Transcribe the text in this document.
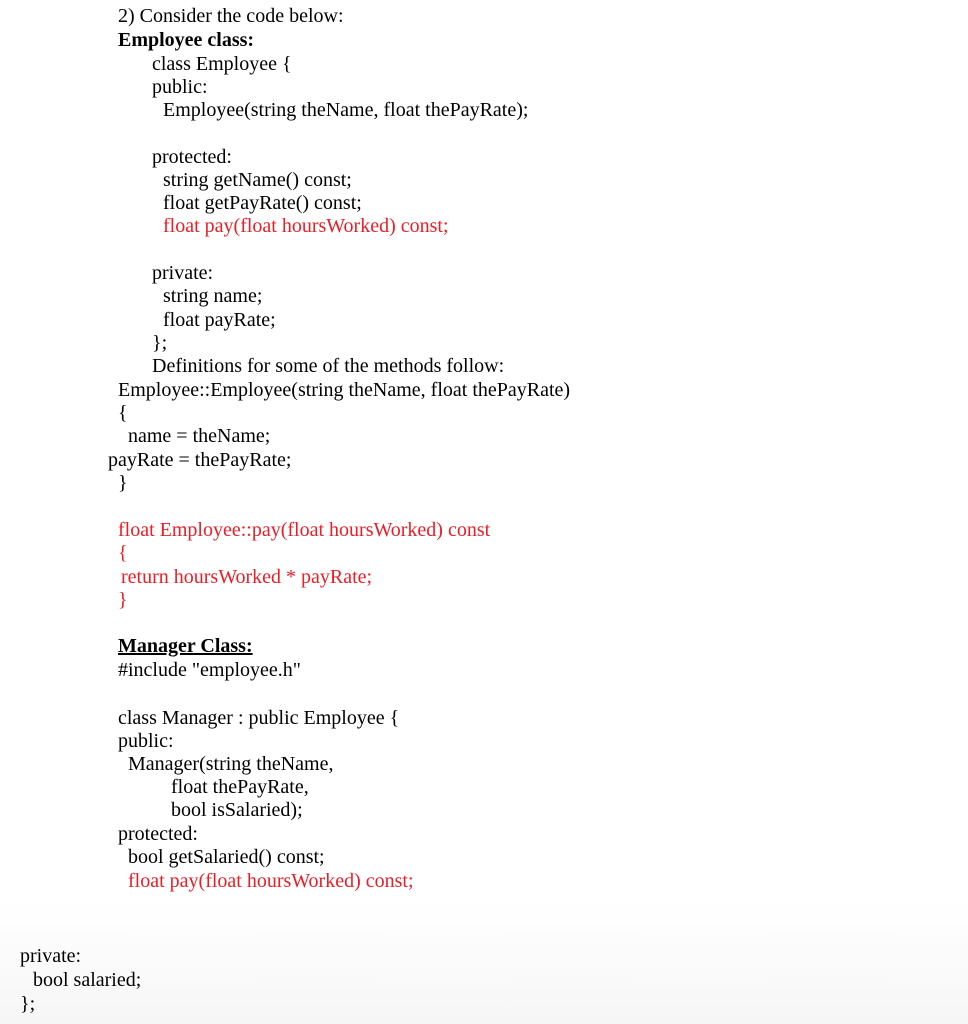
2) Consider the code below:
Employee class:
class Employee {
public:
Employee(string theName, float thePayRate);
protected:
string getName() const;
float getPayRate() const;
float pay(float hoursWorked) const;
private:
string name;
float payRate;
};
Definitions for some of the methods follow:
Employee::Employee(string theName, float thePayRate)
{
name = theName;
payRate = thePayRate;
}
float Employee::pay(float hoursWorked) const
{
return hoursWorked * payRate;
}
Manager Class:
#include "employee.h"
class Manager : public Employee {
public:
Manager(string theName,
float thePayRate,
bool isSalaried);
protected:
bool getSalaried() const;
float pay(float hoursWorked) const;
private:
bool salaried;
};
